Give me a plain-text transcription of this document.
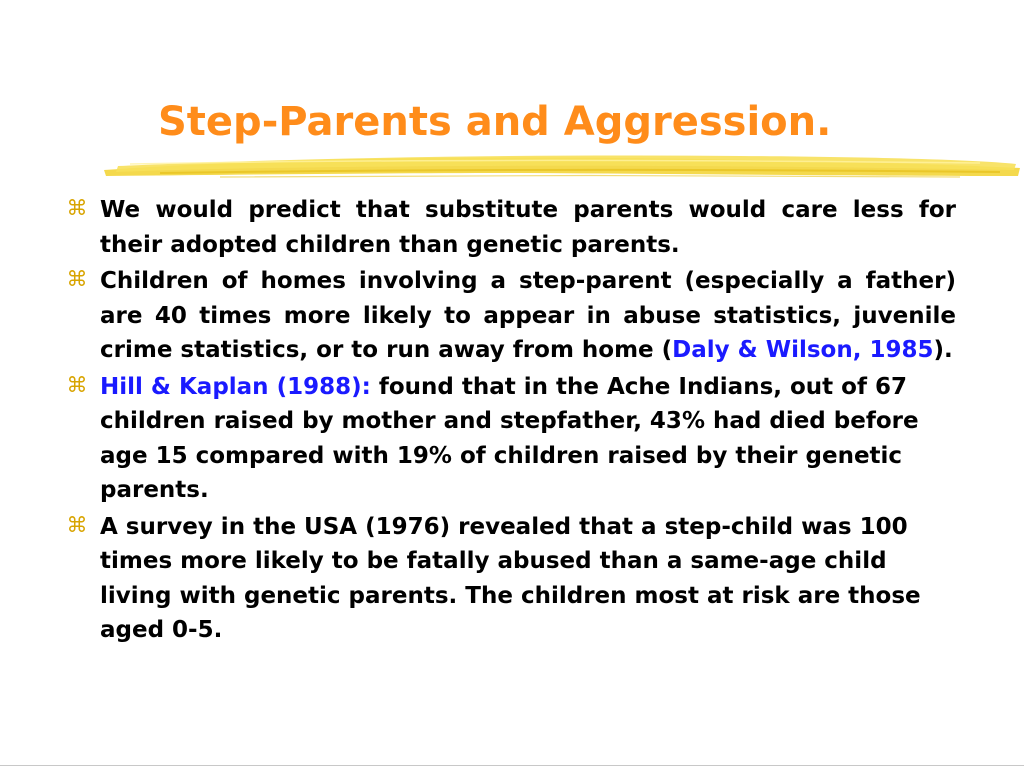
Step-Parents and Aggression.
⌘ We would predict that substitute parents would care less for their adopted children than genetic parents.
⌘ Children of homes involving a step-parent (especially a father) are 40 times more likely to appear in abuse statistics, juvenile crime statistics, or to run away from home (Daly & Wilson, 1985).
⌘ Hill & Kaplan (1988): found that in the Ache Indians, out of 67 children raised by mother and stepfather, 43% had died before age 15 compared with 19% of children raised by their genetic parents.
⌘ A survey in the USA (1976) revealed that a step-child was 100 times more likely to be fatally abused than a same-age child living with genetic parents. The children most at risk are those aged 0-5.
